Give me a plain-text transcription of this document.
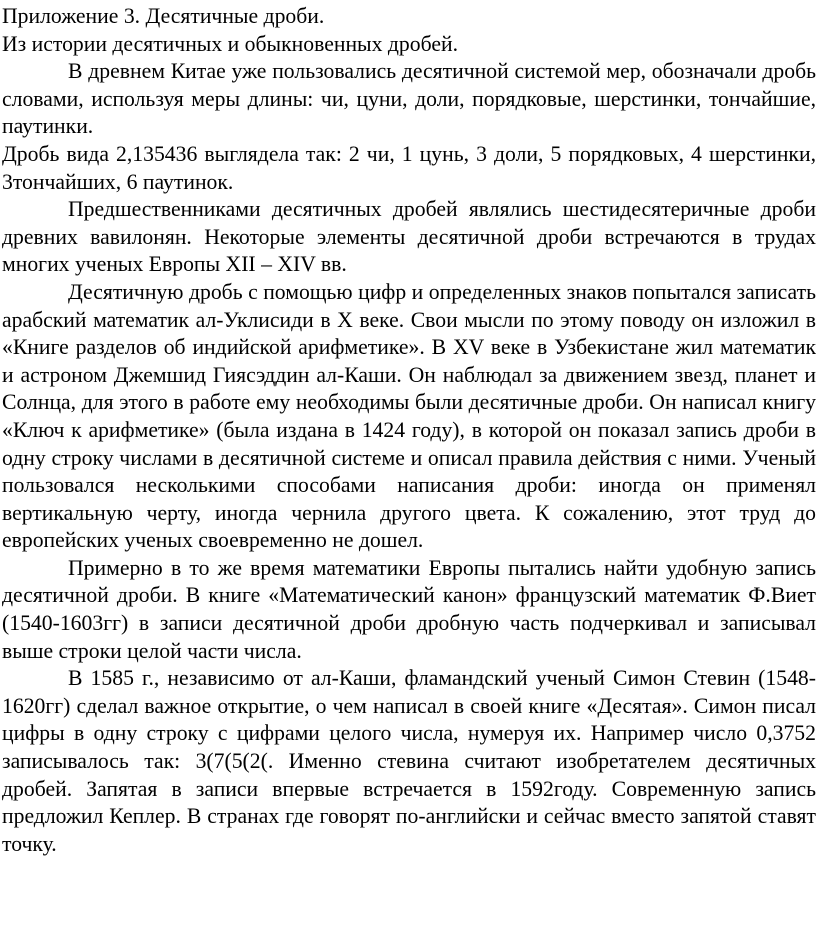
Приложение 3. Десятичные дроби.

Из истории десятичных и обыкновенных дробей.

В древнем Китае уже пользовались десятичной системой мер, обозначали дробь словами, используя меры длины: чи, цуни, доли, порядковые, шерстинки, тончайшие, паутинки.

Дробь вида 2,135436 выглядела так: 2 чи, 1 цунь, 3 доли, 5 порядковых, 4 шерстинки, 3тончайших, 6 паутинок.

Предшественниками десятичных дробей являлись шестидесятеричные дроби древних вавилонян. Некоторые элементы десятичной дроби встречаются в трудах многих ученых Европы XII – XIV вв.

Десятичную дробь с помощью цифр и определенных знаков попытался записать арабский математик ал-Уклисиди в Х веке. Свои мысли по этому поводу он изложил в «Книге разделов об индийской арифметике». В XV веке в Узбекистане жил математик и астроном Джемшид Гиясэддин ал-Каши. Он наблюдал за движением звезд, планет и Солнца, для этого в работе ему необходимы были десятичные дроби. Он написал книгу «Ключ к арифметике» (была издана в 1424 году), в которой он показал запись дроби в одну строку числами в десятичной системе и описал правила действия с ними. Ученый пользовался несколькими способами написания дроби: иногда он применял вертикальную черту, иногда чернила другого цвета. К сожалению, этот труд до европейских ученых своевременно не дошел.

Примерно в то же время математики Европы пытались найти удобную запись десятичной дроби. В книге «Математический канон» французский математик Ф.Виет (1540-1603гг) в записи десятичной дроби дробную часть подчеркивал и записывал выше строки целой части числа.

В 1585 г., независимо от ал-Каши, фламандский ученый Симон Стевин (1548-1620гг) сделал важное открытие, о чем написал в своей книге «Десятая». Симон писал цифры в одну строку с цифрами целого числа, нумеруя их. Например число 0,3752 записывалось так: 3(7(5(2(. Именно стевина считают изобретателем десятичных дробей. Запятая в записи впервые встречается в 1592году. Современную запись предложил Кеплер. В странах где говорят по-английски и сейчас вместо запятой ставят точку.
